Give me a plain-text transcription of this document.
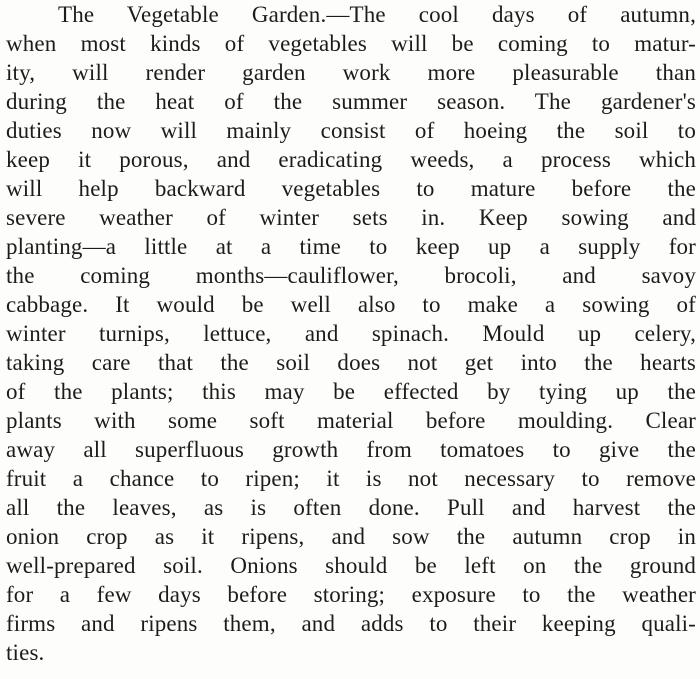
The Vegetable Garden.—The cool days of autumn,
when most kinds of vegetables will be coming to matur-
ity, will render garden work more pleasurable than
during the heat of the summer season. The gardener's
duties now will mainly consist of hoeing the soil to
keep it porous, and eradicating weeds, a process which
will help backward vegetables to mature before the
severe weather of winter sets in. Keep sowing and
planting—a little at a time to keep up a supply for
the coming months—cauliflower, brocoli, and savoy
cabbage. It would be well also to make a sowing of
winter turnips, lettuce, and spinach. Mould up celery,
taking care that the soil does not get into the hearts
of the plants; this may be effected by tying up the
plants with some soft material before moulding. Clear
away all superfluous growth from tomatoes to give the
fruit a chance to ripen; it is not necessary to remove
all the leaves, as is often done. Pull and harvest the
onion crop as it ripens, and sow the autumn crop in
well-prepared soil. Onions should be left on the ground
for a few days before storing; exposure to the weather
firms and ripens them, and adds to their keeping quali-
ties.
